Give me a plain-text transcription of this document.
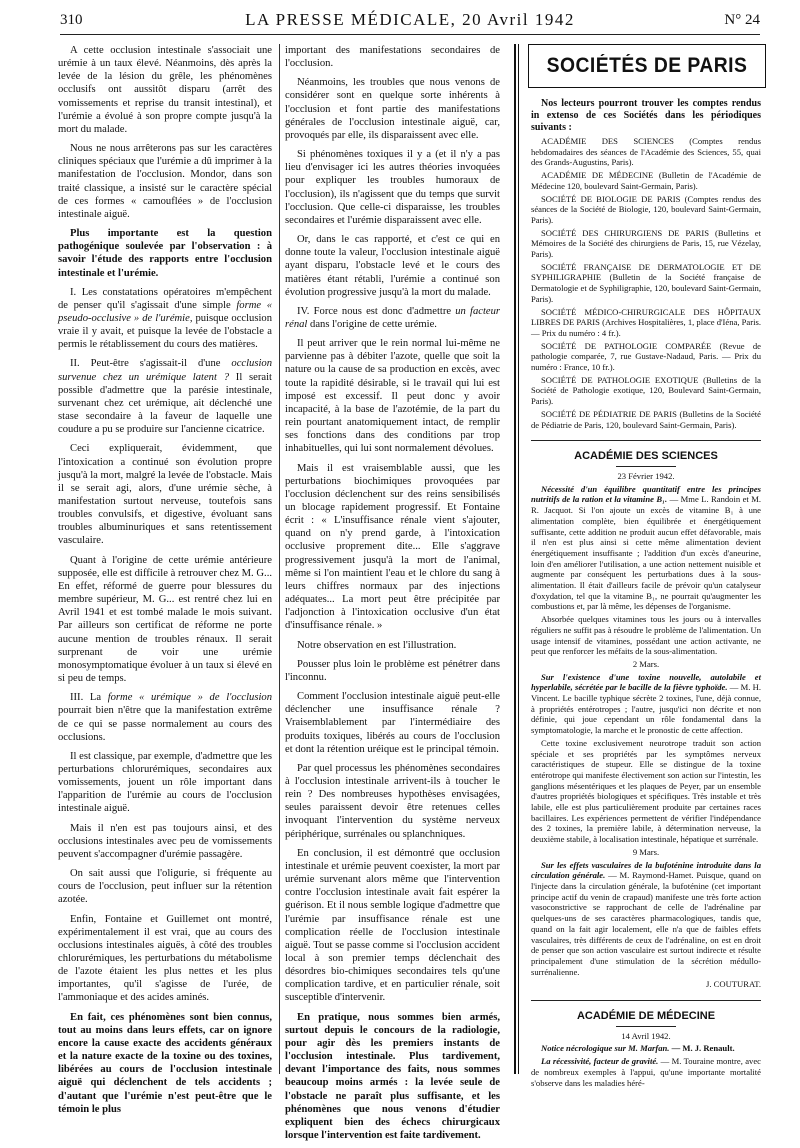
310	LA PRESSE MÉDICALE, 20 Avril 1942	N° 24

A cette occlusion intestinale s'associait une urémie à un taux élevé. Néanmoins, dès après la levée de la lésion du grêle, les phénomènes occlusifs ont aussitôt disparu (arrêt des vomissements et reprise du transit intestinal), et l'urémie a évolué à son propre compte jusqu'à la mort du malade.

Nous ne nous arrêterons pas sur les caractères cliniques spéciaux que l'urémie a dû imprimer à la manifestation de l'occlusion. Mondor, dans son traité classique, a insisté sur le caractère spécial de ces formes « camouflées » de l'occlusion intestinale aiguë.

Plus importante est la question pathogénique soulevée par l'observation : à savoir l'étude des rapports entre l'occlusion intestinale et l'urémie.

I. Les constatations opératoires m'empêchent de penser qu'il s'agissait d'une simple forme « pseudo-occlusive » de l'urémie, puisque occlusion vraie il y avait, et puisque la levée de l'obstacle a permis le rétablissement du cours des matières.

II. Peut-être s'agissait-il d'une occlusion survenue chez un urémique latent ? Il serait possible d'admettre que la parésie intestinale, survenant chez cet urémique, ait déclenché une stase secondaire à la faveur de laquelle une coudure a pu se produire sur l'ancienne cicatrice.

Ceci expliquerait, évidemment, que l'intoxication a continué son évolution propre jusqu'à la mort, malgré la levée de l'obstacle. Mais il se serait agi, alors, d'une urémie sèche, à manifestation surtout nerveuse, toutefois sans troubles convulsifs, et digestive, évoluant sans troubles albuminuriques et sans retentissement vasculaire.

Quant à l'origine de cette urémie antérieure supposée, elle est difficile à retrouver chez M. G... En effet, réformé de guerre pour blessures du membre supérieur, M. G... est rentré chez lui en Avril 1941 et est tombé malade le mois suivant. Par ailleurs son certificat de réforme ne porte aucune mention de troubles rénaux. Il serait surprenant de voir une urémie monosymptomatique évoluer à un taux si élevé en si peu de temps.

III. La forme « urémique » de l'occlusion pourrait bien n'être que la manifestation extrême de ce qui se passe normalement au cours des occlusions.

Il est classique, par exemple, d'admettre que les perturbations chlorurémiques, secondaires aux vomissements, jouent un rôle important dans l'apparition de l'urémie au cours de l'occlusion intestinale aiguë.

Mais il n'en est pas toujours ainsi, et des occlusions intestinales avec peu de vomissements peuvent s'accompagner d'urémie passagère.

On sait aussi que l'oligurie, si fréquente au cours de l'occlusion, peut influer sur la rétention azotée.

Enfin, Fontaine et Guillemet ont montré, expérimentalement il est vrai, que au cours des occlusions intestinales aiguës, à côté des troubles chlorurémiques, les perturbations du métabolisme de l'azote étaient les plus nettes et les plus importantes, qu'il s'agisse de l'urée, de l'ammoniaque et des acides aminés.

En fait, ces phénomènes sont bien connus, tout au moins dans leurs effets, car on ignore encore la cause exacte des accidents généraux et la nature exacte de la toxine ou des toxines, libérées au cours de l'occlusion intestinale aiguë qui déclenchent de tels accidents ; d'autant que l'urémie n'est peut-être que le témoin le plus

important des manifestations secondaires de l'occlusion.

Néanmoins, les troubles que nous venons de considérer sont en quelque sorte inhérents à l'occlusion et font partie des manifestations générales de l'occlusion intestinale aiguë, car, provoqués par elle, ils disparaissent avec elle.

Si phénomènes toxiques il y a (et il n'y a pas lieu d'envisager ici les autres théories invoquées pour expliquer les troubles humoraux de l'occlusion), ils n'agissent que du temps que survit l'occlusion. Que celle-ci disparaisse, les troubles secondaires et l'urémie disparaissent avec elle.

Or, dans le cas rapporté, et c'est ce qui en donne toute la valeur, l'occlusion intestinale aiguë ayant disparu, l'obstacle levé et le cours des matières étant rétabli, l'urémie a continué son évolution progressive jusqu'à la mort du malade.

IV. Force nous est donc d'admettre un facteur rénal dans l'origine de cette urémie.

Il peut arriver que le rein normal lui-même ne parvienne pas à débiter l'azote, quelle que soit la nature ou la cause de sa production en excès, avec toute la rapidité désirable, si le travail qui lui est imposé est excessif. Il peut donc y avoir incapacité, à la base de l'azotémie, de la part du rein pourtant anatomiquement intact, de remplir ses fonctions dans des conditions par trop inhabituelles, qui lui sont normalement dévolues.

Mais il est vraisemblable aussi, que les perturbations biochimiques provoquées par l'occlusion déclenchent sur des reins sensibilisés un blocage rapidement progressif. Et Fontaine écrit : « L'insuffisance rénale vient s'ajouter, quand on n'y prend garde, à l'intoxication occlusive proprement dite... Elle s'aggrave progressivement jusqu'à la mort de l'animal, même si l'on maintient l'eau et le chlore du sang à leurs chiffres normaux par des injections adéquates... La mort peut être précipitée par l'adjonction à l'intoxication occlusive d'un état d'insuffisance rénale. »

Notre observation en est l'illustration.

Pousser plus loin le problème est pénétrer dans l'inconnu.

Comment l'occlusion intestinale aiguë peut-elle déclencher une insuffisance rénale ? Vraisemblablement par l'intermédiaire des produits toxiques, libérés au cours de l'occlusion et dont la rétention uréique est le principal témoin.

Par quel processus les phénomènes secondaires à l'occlusion intestinale arrivent-ils à toucher le rein ? Des nombreuses hypothèses envisagées, seules paraissent devoir être retenues celles invoquant l'intervention du système nerveux périphérique, surrénales ou splanchniques.

En conclusion, il est démontré que occlusion intestinale et urémie peuvent coexister, la mort par urémie survenant alors même que l'intervention contre l'occlusion intestinale avait fait espérer la guérison. Et il nous semble logique d'admettre que l'urémie par insuffisance rénale est une complication réelle de l'occlusion intestinale aiguë. Tout se passe comme si l'occlusion accident local à son premier temps déclenchait des désordres bio-chimiques secondaires tels qu'une complication tardive, et en particulier rénale, soit susceptible d'intervenir.

En pratique, nous sommes bien armés, surtout depuis le concours de la radiologie, pour agir dès les premiers instants de l'occlusion intestinale. Plus tardivement, devant l'importance des faits, nous sommes beaucoup moins armés : la levée seule de l'obstacle ne paraît plus suffisante, et les phénomènes que nous venons d'étudier expliquent bien des échecs chirurgicaux lorsque l'intervention est faite tardivement.

SOCIÉTÉS DE PARIS

Nos lecteurs pourront trouver les comptes rendus in extenso de ces Sociétés dans les périodiques suivants :

ACADÉMIE DES SCIENCES (Comptes rendus hebdomadaires des séances de l'Académie des Sciences, 55, quai des Grands-Augustins, Paris).

ACADÉMIE DE MÉDECINE (Bulletin de l'Académie de Médecine 120, boulevard Saint-Germain, Paris).

SOCIÉTÉ DE BIOLOGIE DE PARIS (Comptes rendus des séances de la Société de Biologie, 120, boulevard Saint-Germain, Paris).

SOCIÉTÉ DES CHIRURGIENS DE PARIS (Bulletins et Mémoires de la Société des chirurgiens de Paris, 15, rue Vézelay, Paris).

SOCIÉTÉ FRANÇAISE DE DERMATOLOGIE ET DE SYPHILIGRAPHIE (Bulletin de la Société française de Dermatologie et de Syphiligraphie, 120, boulevard Saint-Germain, Paris).

SOCIÉTÉ MÉDICO-CHIRURGICALE DES HÔPITAUX LIBRES DE PARIS (Archives Hospitalières, 1, place d'Iéna, Paris. — Prix du numéro : 4 fr.).

SOCIÉTÉ DE PATHOLOGIE COMPARÉE (Revue de pathologie comparée, 7, rue Gustave-Nadaud, Paris. — Prix du numéro : France, 10 fr.).

SOCIÉTÉ DE PATHOLOGIE EXOTIQUE (Bulletins de la Société de Pathologie exotique, 120, Boulevard Saint-Germain, Paris).

SOCIÉTÉ DE PÉDIATRIE DE PARIS (Bulletins de la Société de Pédiatrie de Paris, 120, boulevard Saint-Germain, Paris).

ACADÉMIE DES SCIENCES

23 Février 1942.

Nécessité d'un équilibre quantitatif entre les principes nutritifs de la ration et la vitamine B₁. — Mme L. Randoin et M. R. Jacquot. Si l'on ajoute un excès de vitamine B₁ à une alimentation complète, bien équilibrée et énergétiquement suffisante, cette addition ne produit aucun effet défavorable, mais il n'en est plus ainsi si cette même alimentation devient énergétiquement insuffisante ; l'addition d'un excès d'aneurine, loin d'en améliorer l'utilisation, a une action nettement nuisible et augmente par conséquent les perturbations dues à la sous-alimentation. Il était d'ailleurs facile de prévoir qu'un catalyseur d'oxydation, tel que la vitamine B₁, ne pourrait qu'augmenter les combustions et, par là même, les dépenses de l'organisme.

Absorbée quelques vitamines tous les jours ou à intervalles réguliers ne suffit pas à résoudre le problème de l'alimentation. Un usage intensif de vitamines, possédant une action activante, ne peut que renforcer les méfaits de la sous-alimentation.

2 Mars.

Sur l'existence d'une toxine nouvelle, autolabile et hyperlabile, sécrétée par le bacille de la fièvre typhoïde. — M. H. Vincent. Le bacille typhique sécrète 2 toxines, l'une, déjà connue, à propriétés entérotropes ; l'autre, jusqu'ici non décrite et non définie, qui joue cependant un rôle fondamental dans la symptomatologie, la marche et le pronostic de cette affection.

Cette toxine exclusivement neurotrope traduit son action spéciale et ses propriétés par les symptômes nerveux caractéristiques de stupeur. Elle se distingue de la toxine entérotrope qui manifeste électivement son action sur l'intestin, les ganglions mésentériques et les plaques de Peyer, par un ensemble d'autres propriétés biologiques et spécifiques. Très instable et très labile, elle est plus particulièrement produite par certaines races bacillaires. Les expériences permettent de vérifier l'indépendance des 2 toxines, la première labile, à détermination nerveuse, la deuxième stabile, à localisation intestinale, hépatique et surrénale.

9 Mars.

Sur les effets vasculaires de la bufoténine introduite dans la circulation générale. — M. Raymond-Hamet. Puisque, quand on l'injecte dans la circulation générale, la bufoténine (cet important principe actif du venin de crapaud) manifeste une très forte action vasoconstrictive se rapprochant de celle de l'adrénaline par quelques-uns de ses caractères pharmacologiques, tandis que, quand on la fait agir localement, elle n'a que de faibles effets vasculaires, très différents de ceux de l'adrénaline, on est en droit de penser que son action vasculaire est surtout indirecte et résulte principalement d'une stimulation de la sécrétion médullo-surrénalienne.

J. COUTURAT.

ACADÉMIE DE MÉDECINE

14 Avril 1942.

Notice nécrologique sur M. Marfan. — M. J. Renault.

La récessivité, facteur de gravité. — M. Touraine montre, avec de nombreux exemples à l'appui, qu'une importante mortalité s'observe dans les maladies héré-
